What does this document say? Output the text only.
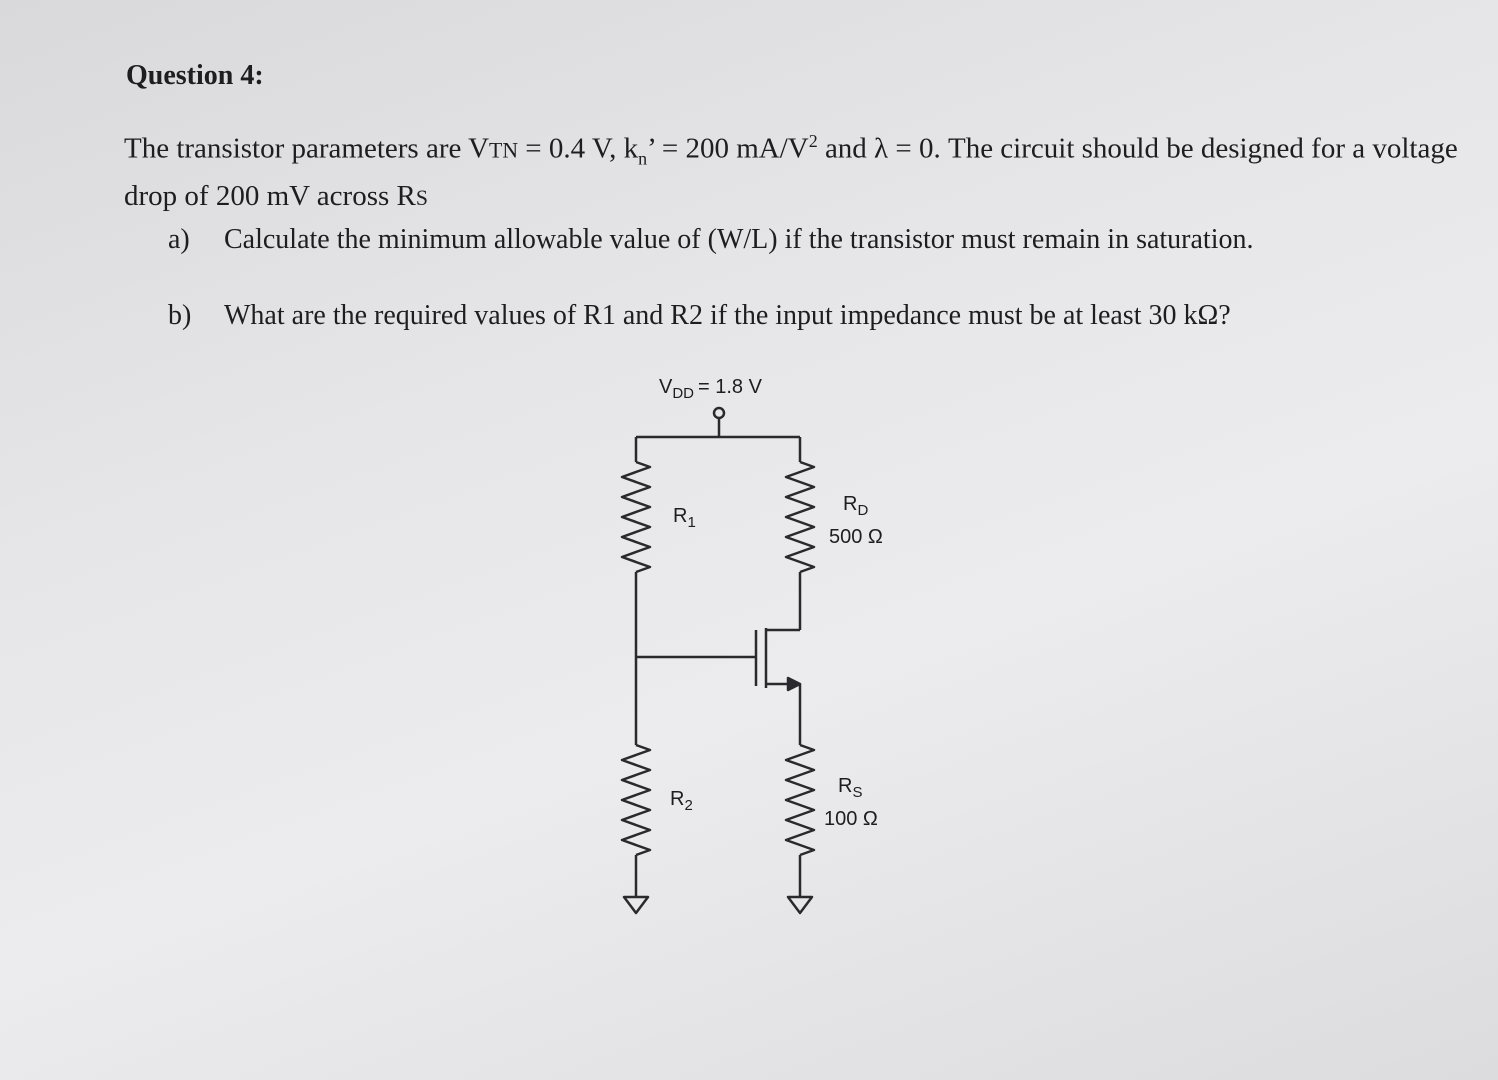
Question 4:
The transistor parameters are VTN = 0.4 V, $k_n$’ = 200 $mA/V^2$ and λ = 0. The circuit should be designed for a voltage drop of 200 mV across RS
a) Calculate the minimum allowable value of (W/L) if the transistor must remain in saturation.
b) What are the required values of R1 and R2 if the input impedance must be at least 30 kΩ?
$V_{DD} = 1.8$ V
$R_1$
$R_2$
$R_D$
500 Ω
$R_S$
100 Ω
